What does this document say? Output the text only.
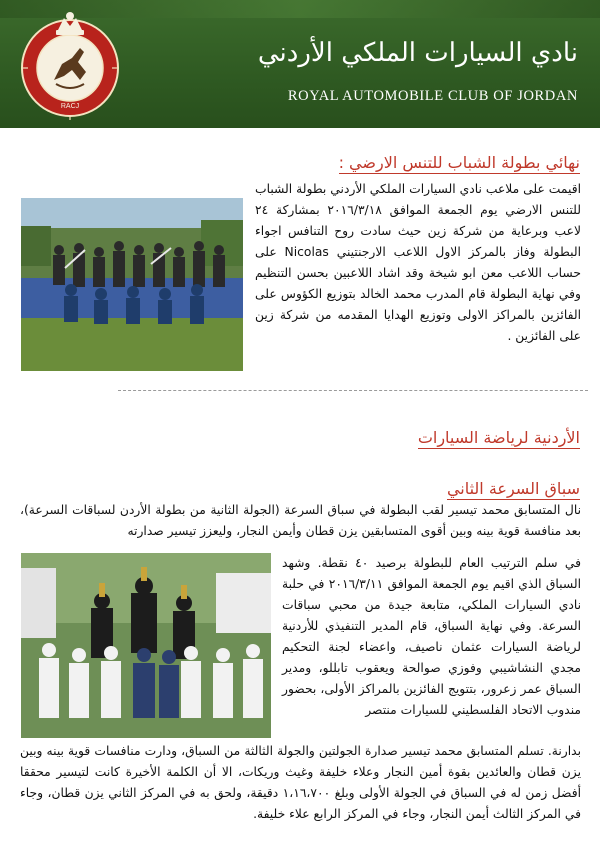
RACJ
نادي السيارات الملكي الأردني
ROYAL AUTOMOBILE CLUB OF JORDAN
نهائي بطولة الشباب للتنس الارضي :
اقيمت على ملاعب نادي السيارات الملكي الأردني بطولة الشباب للتنس الارضي يوم الجمعة الموافق ٢٠١٦/٣/١٨ بمشاركة ٢٤ لاعب وبرعاية من شركة زين حيث سادت روح التنافس اجواء البطولة وفاز بالمركز الاول اللاعب الارجنتيني Nicolas على حساب اللاعب معن ابو شيخة وقد اشاد اللاعبين بحسن التنظيم وفي نهاية البطولة قام المدرب محمد الخالد بتوزيع الكؤوس على الفائزين بالمراكز الاولى وتوزيع الهدايا المقدمه من شركة زين على الفائزين .
الأردنية لرياضة السيارات
سباق السرعة الثاني
نال المتسابق محمد تيسير لقب البطولة في سباق السرعة (الجولة الثانية من بطولة الأردن لسباقات السرعة)، بعد منافسة قوية بينه وبين أقوى المتسابقين يزن قطان وأيمن النجار، وليعزز تيسير صدارته
في سلم الترتيب العام للبطولة برصيد ٤٠ نقطة. وشهد السباق الذي اقيم يوم الجمعة الموافق ٢٠١٦/٣/١١ في حلبة نادي السيارات الملكي، متابعة جيدة من محبي سباقات السرعة. وفي نهاية السباق، قام المدير التنفيذي للأردنية لرياضة السيارات عثمان ناصيف، واعضاء لجنة التحكيم مجدي النشاشيبي وفوزي صوالحة ويعقوب تابللو، ومدير السباق عمر زعرور، بتتويج الفائزين بالمراكز الأولى، بحضور مندوب الاتحاد الفلسطيني للسيارات منتصر
بدارنة. تسلم المتسابق محمد تيسير صدارة الجولتين والجولة الثالثة من السباق، ودارت منافسات قوية بينه وبين يزن قطان والعائدين بقوة أمين النجار وعلاء خليفة وغيث وريكات، الا أن الكلمة الأخيرة كانت لتيسير محققا أفضل زمن له في السباق في الجولة الأولى وبلغ ١،١٦،٧٠٠ دقيقة، ولحق به في المركز الثاني يزن قطان، وجاء في المركز الثالث أيمن النجار، وجاء في المركز الرابع علاء خليفة.
